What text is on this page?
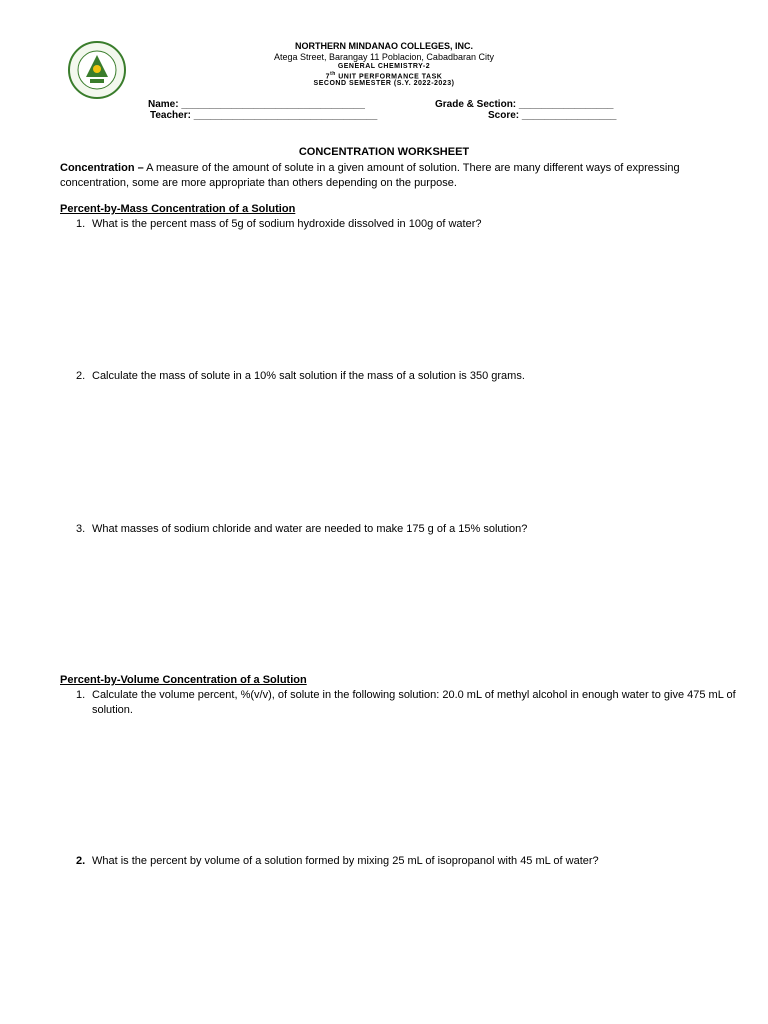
NORTHERN MINDANAO COLLEGES, INC.
Atega Street, Barangay 11 Poblacion, Cabadbaran City
GENERAL CHEMISTRY-2
7th UNIT PERFORMANCE TASK
SECOND SEMESTER (S.Y. 2022-2023)
Name: _________________________________
Teacher: _________________________________
Grade & Section: _________________
Score: _________________
CONCENTRATION WORKSHEET
Concentration – A measure of the amount of solute in a given amount of solution. There are many different ways of expressing concentration, some are more appropriate than others depending on the purpose.
Percent-by-Mass Concentration of a Solution
1. What is the percent mass of 5g of sodium hydroxide dissolved in 100g of water?
2. Calculate the mass of solute in a 10% salt solution if the mass of a solution is 350 grams.
3. What masses of sodium chloride and water are needed to make 175 g of a 15% solution?
Percent-by-Volume Concentration of a Solution
1. Calculate the volume percent, %(v/v), of solute in the following solution: 20.0 mL of methyl alcohol in enough water to give 475 mL of solution.
2. What is the percent by volume of a solution formed by mixing 25 mL of isopropanol with 45 mL of water?
